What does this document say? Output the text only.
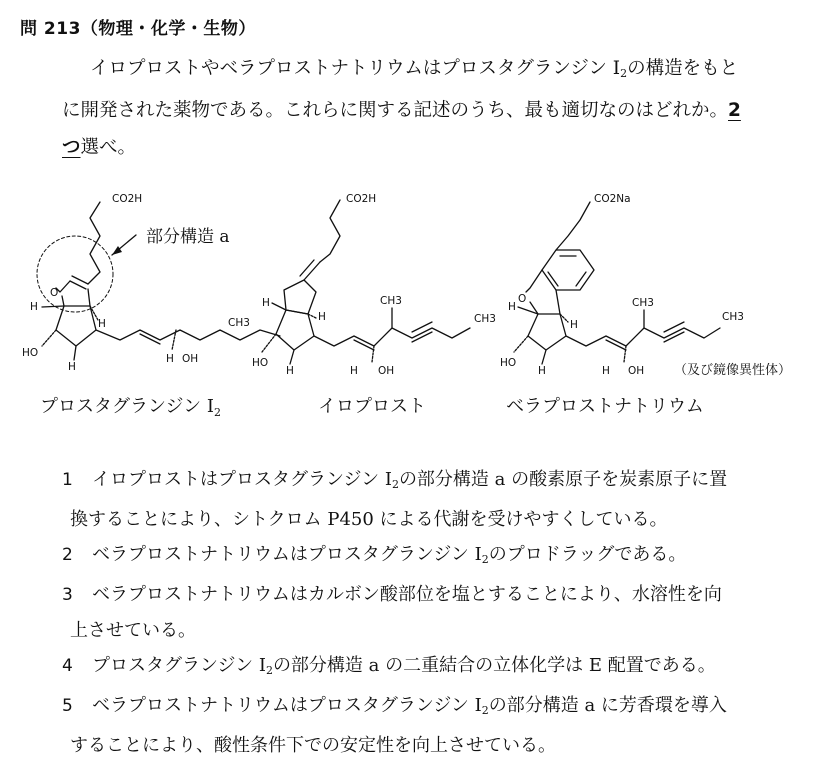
問 213（物理・化学・生物）
イロプロストやベラプロストナトリウムはプロスタグランジン $I_2$の構造をもと
に開発された薬物である。これらに関する記述のうち、最も適切なのはどれか。2
つ選べ。
CO2H
部分構造 a
O
H
H	CH3
H OH
HO
H
プロスタグランジン $I_2$
CO2H
H
H
CH3
CH3
H OH
HO
H
イロプロスト
CO2Na
O
H
H
CH3
CH3
H OH
HO
H	（及び鏡像異性体）
ベラプロストナトリウム
1 イロプロストはプロスタグランジン $I_2$の部分構造 a の酸素原子を炭素原子に置
換することにより、シトクロム P450 による代謝を受けやすくしている。
2 ベラプロストナトリウムはプロスタグランジン $I_2$のプロドラッグである。
3 ベラプロストナトリウムはカルボン酸部位を塩とすることにより、水溶性を向
上させている。
4 プロスタグランジン $I_2$の部分構造 a の二重結合の立体化学は E 配置である。
5 ベラプロストナトリウムはプロスタグランジン $I_2$の部分構造 a に芳香環を導入
することにより、酸性条件下での安定性を向上させている。
